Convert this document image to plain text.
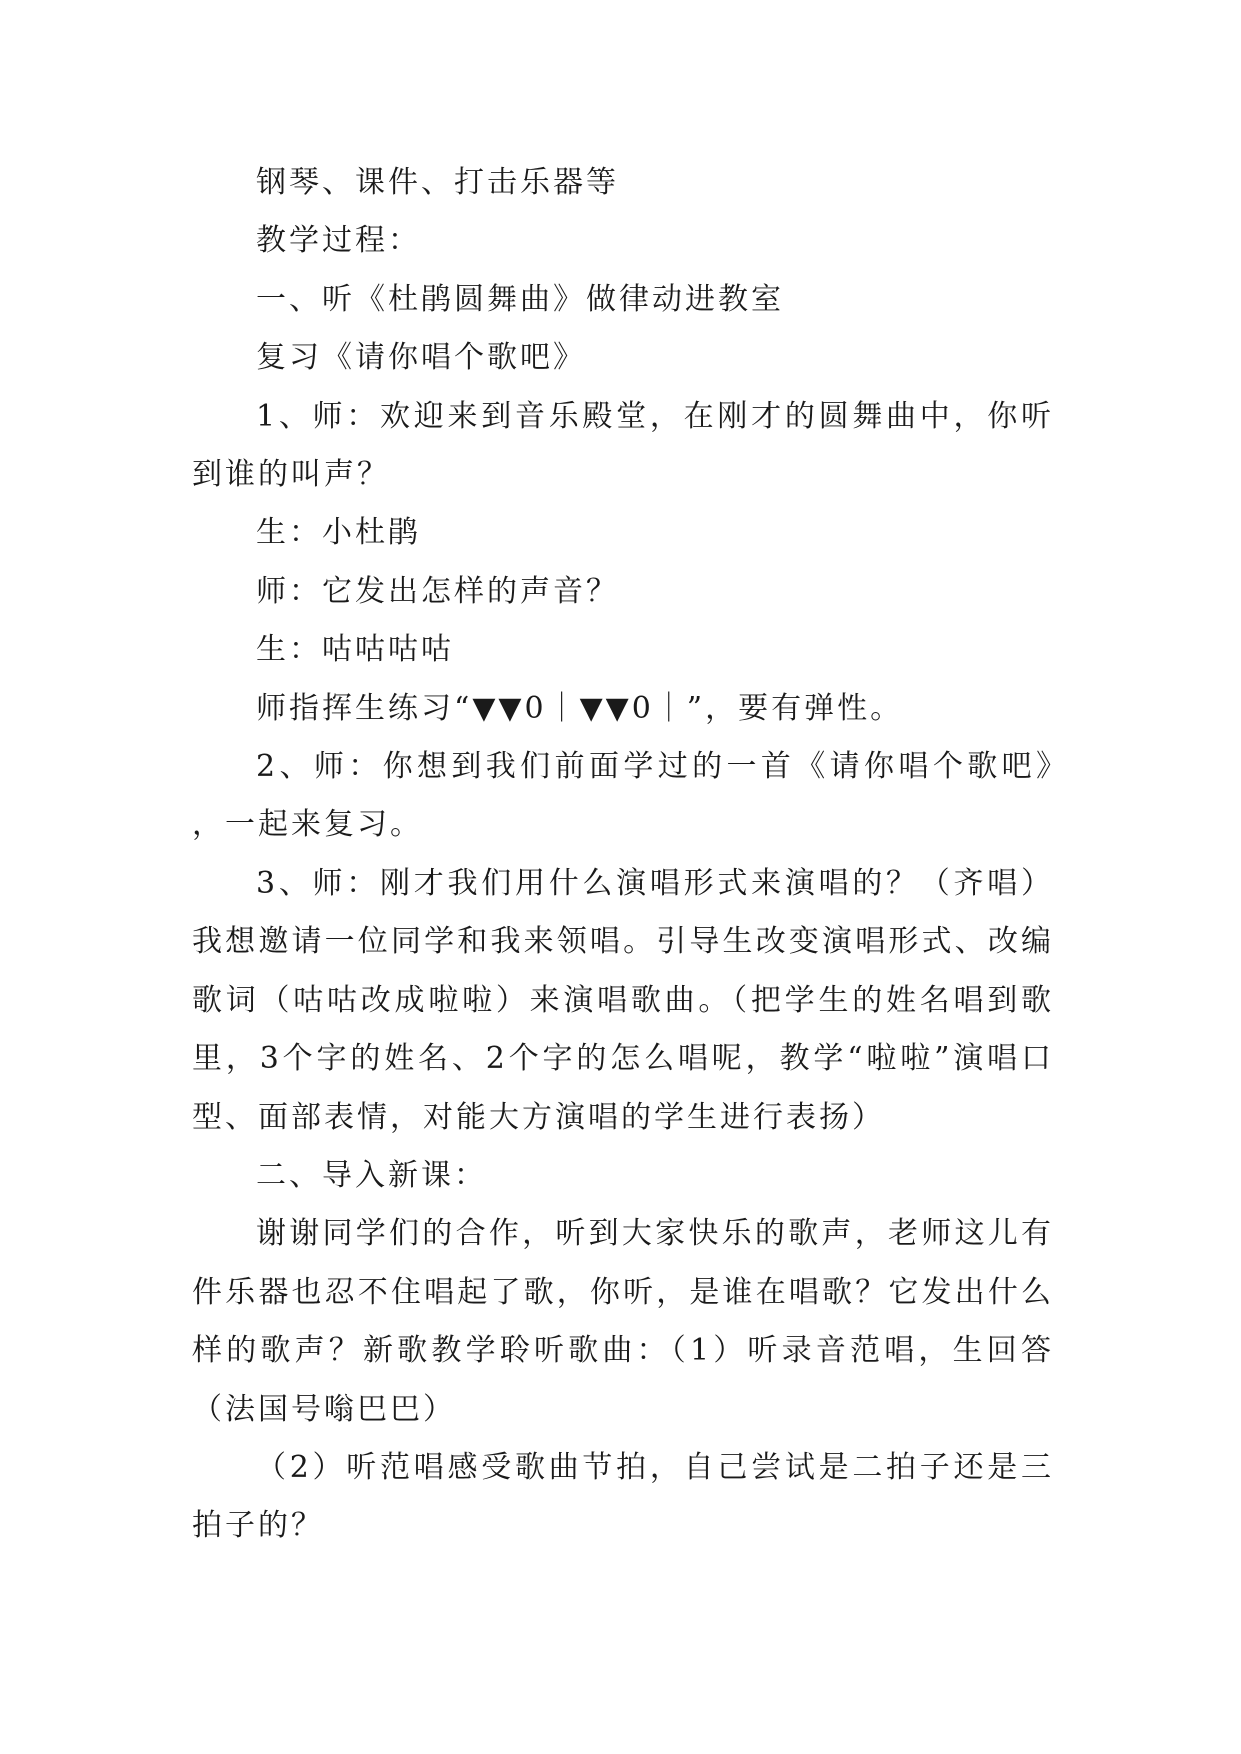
钢琴、课件、打击乐器等

教学过程：

一、听《杜鹃圆舞曲》做律动进教室

复习《请你唱个歌吧》

1、师：欢迎来到音乐殿堂，在刚才的圆舞曲中，你听到谁的叫声？

生：小杜鹃

师：它发出怎样的声音？

生：咕咕咕咕

师指挥生练习“▼▼0｜▼▼0｜”，要有弹性。

2、师：你想到我们前面学过的一首《请你唱个歌吧》，一起来复习。

3、师：刚才我们用什么演唱形式来演唱的？（齐唱）我想邀请一位同学和我来领唱。引导生改变演唱形式、改编歌词（咕咕改成啦啦）来演唱歌曲。（把学生的姓名唱到歌里，3个字的姓名、2个字的怎么唱呢，教学“啦啦”演唱口型、面部表情，对能大方演唱的学生进行表扬）

二、导入新课：

谢谢同学们的合作，听到大家快乐的歌声，老师这儿有件乐器也忍不住唱起了歌，你听，是谁在唱歌？它发出什么样的歌声？新歌教学聆听歌曲：（1）听录音范唱，生回答（法国号嗡巴巴）

（2）听范唱感受歌曲节拍，自己尝试是二拍子还是三拍子的？
